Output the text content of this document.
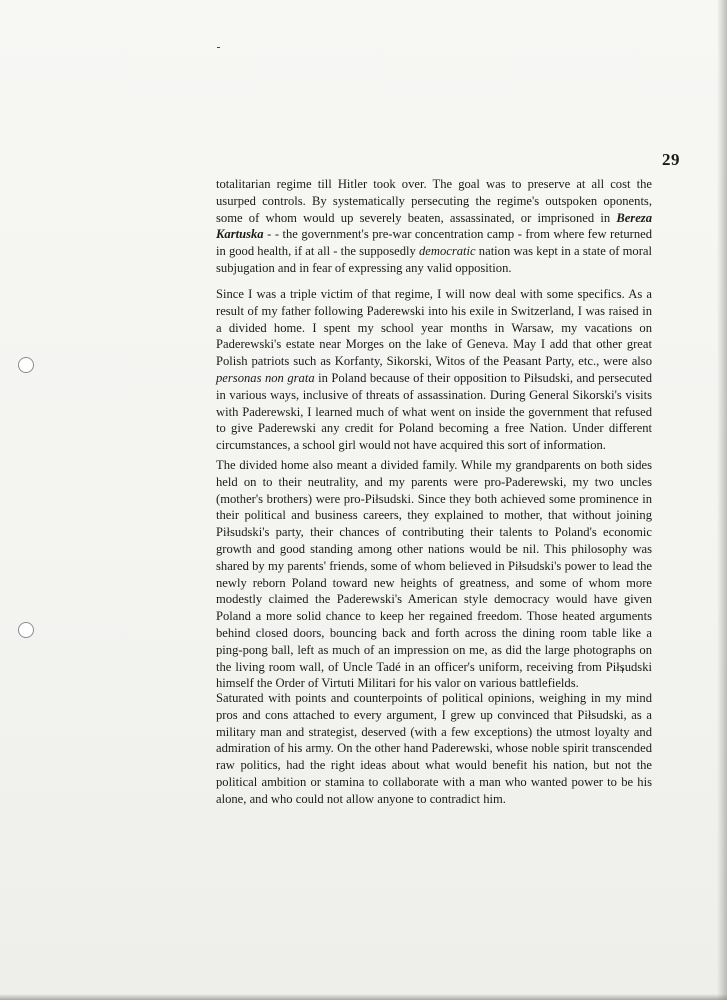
29

totalitarian regime till Hitler took over. The goal was to preserve at all cost the usurped controls. By systematically persecuting the regime's outspoken oponents, some of whom would up severely beaten, assassinated, or imprisoned in Bereza Kartuska - - the government's pre-war concentration camp - from where few returned in good health, if at all - the supposedly democratic nation was kept in a state of moral subjugation and in fear of expressing any valid opposition.

Since I was a triple victim of that regime, I will now deal with some specifics. As a result of my father following Paderewski into his exile in Switzerland, I was raised in a divided home. I spent my school year months in Warsaw, my vacations on Paderewski's estate near Morges on the lake of Geneva. May I add that other great Polish patriots such as Korfanty, Sikorski, Witos of the Peasant Party, etc., were also personas non grata in Poland because of their opposition to Piłsudski, and persecuted in various ways, inclusive of threats of assassination. During General Sikorski's visits with Paderewski, I learned much of what went on inside the government that refused to give Paderewski any credit for Poland becoming a free Nation. Under different circumstances, a school girl would not have acquired this sort of information.

The divided home also meant a divided family. While my grandparents on both sides held on to their neutrality, and my parents were pro-Paderewski, my two uncles (mother's brothers) were pro-Piłsudski. Since they both achieved some prominence in their political and business careers, they explained to mother, that without joining Piłsudski's party, their chances of contributing their talents to Poland's economic growth and good standing among other nations would be nil. This philosophy was shared by my parents' friends, some of whom believed in Piłsudski's power to lead the newly reborn Poland toward new heights of greatness, and some of whom more modestly claimed the Paderewski's American style democracy would have given Poland a more solid chance to keep her regained freedom. Those heated arguments behind closed doors, bouncing back and forth across the dining room table like a ping-pong ball, left as much of an impression on me, as did the large photographs on the living room wall, of Uncle Tadé in an officer's uniform, receiving from Piłsudski himself the Order of Virtuti Militari for his valor on various battlefields.

Saturated with points and counterpoints of political opinions, weighing in my mind pros and cons attached to every argument, I grew up convinced that Piłsudski, as a military man and strategist, deserved (with a few exceptions) the utmost loyalty and admiration of his army. On the other hand Paderewski, whose noble spirit transcended raw politics, had the right ideas about what would benefit his nation, but not the political ambition or stamina to collaborate with a man who wanted power to be his alone, and who could not allow anyone to contradict him.
